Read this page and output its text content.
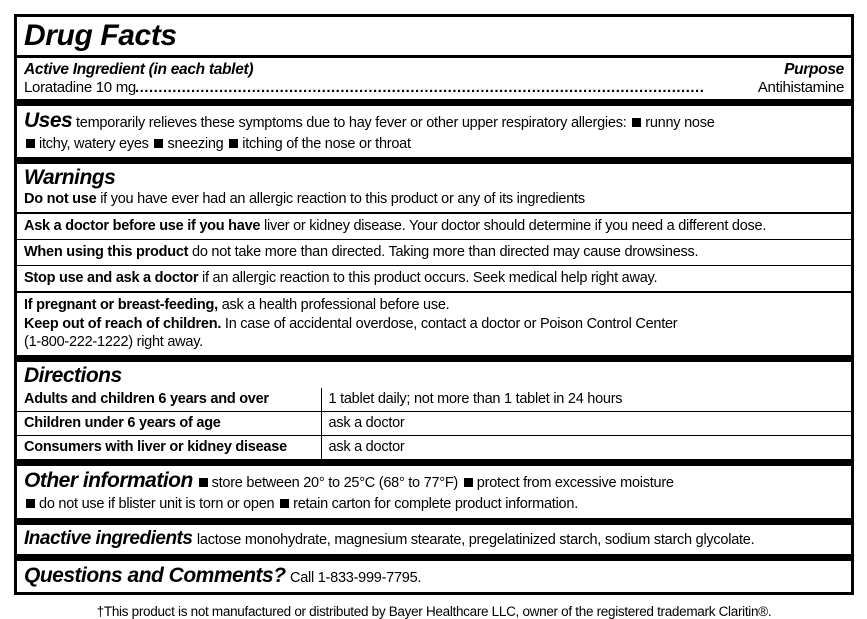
Drug Facts
Active Ingredient (in each tablet)	Purpose
Loratadine 10 mg ..........................................................................................................................	Antihistamine
Uses temporarily relieves these symptoms due to hay fever or other upper respiratory allergies: runny nose
itchy, watery eyes sneezing itching of the nose or throat
Warnings
Do not use if you have ever had an allergic reaction to this product or any of its ingredients
Ask a doctor before use if you have liver or kidney disease. Your doctor should determine if you need a different dose.
When using this product do not take more than directed. Taking more than directed may cause drowsiness.
Stop use and ask a doctor if an allergic reaction to this product occurs. Seek medical help right away.
If pregnant or breast-feeding, ask a health professional before use.
Keep out of reach of children. In case of accidental overdose, contact a doctor or Poison Control Center
(1-800-222-1222) right away.
Directions
Adults and children 6 years and over	1 tablet daily; not more than 1 tablet in 24 hours
Children under 6 years of age	ask a doctor
Consumers with liver or kidney disease	ask a doctor
Other information store between 20° to 25°C (68° to 77°F) protect from excessive moisture
do not use if blister unit is torn or open retain carton for complete product information.
Inactive ingredients lactose monohydrate, magnesium stearate, pregelatinized starch, sodium starch glycolate.
Questions and Comments? Call 1-833-999-7795.
†This product is not manufactured or distributed by Bayer Healthcare LLC, owner of the registered trademark Claritin®.
